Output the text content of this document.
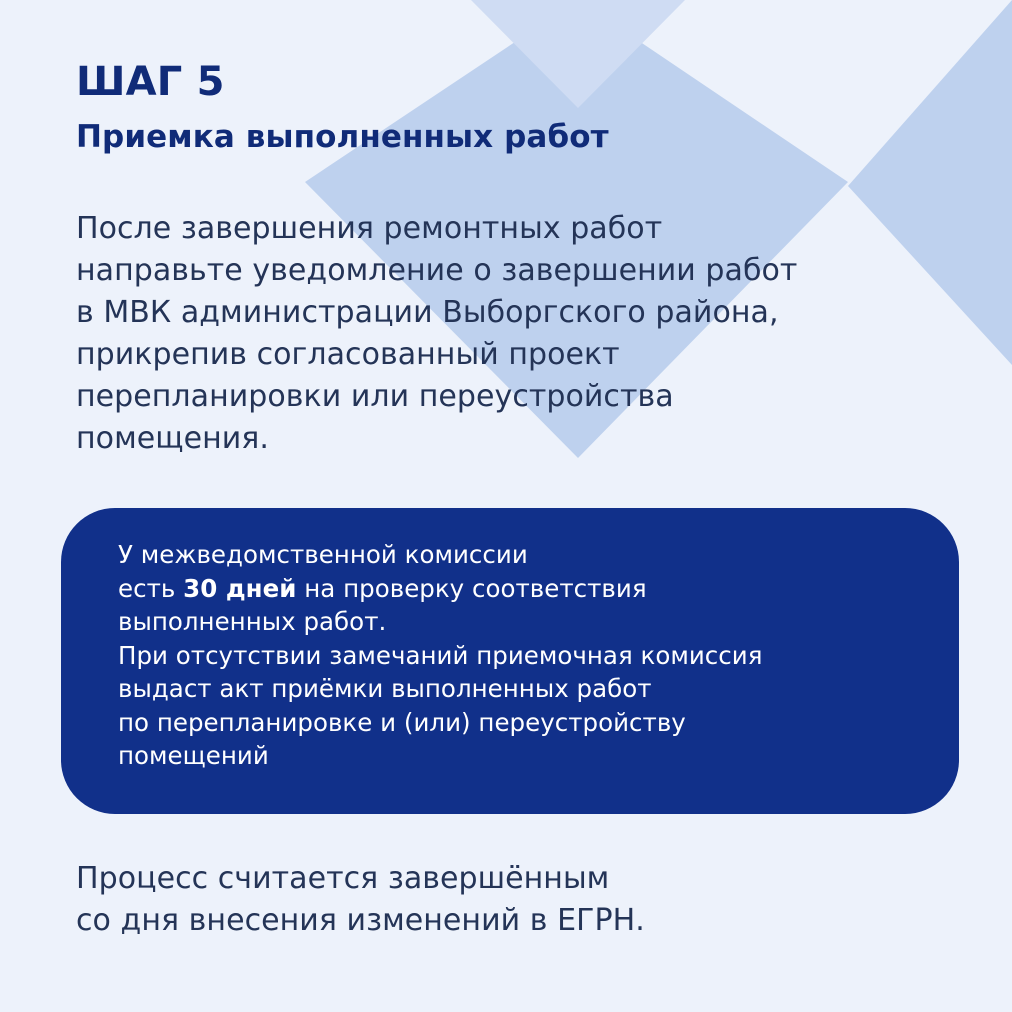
ШАГ 5
Приемка выполненных работ

После завершения ремонтных работ
направьте уведомление о завершении работ
в МВК администрации Выборгского района,
прикрепив согласованный проект
перепланировки или переустройства
помещения.

У межведомственной комиссии
есть 30 дней на проверку соответствия
выполненных работ.
При отсутствии замечаний приемочная комиссия
выдаст акт приёмки выполненных работ
по перепланировке и (или) переустройству
помещений

Процесс считается завершённым
со дня внесения изменений в ЕГРН.
